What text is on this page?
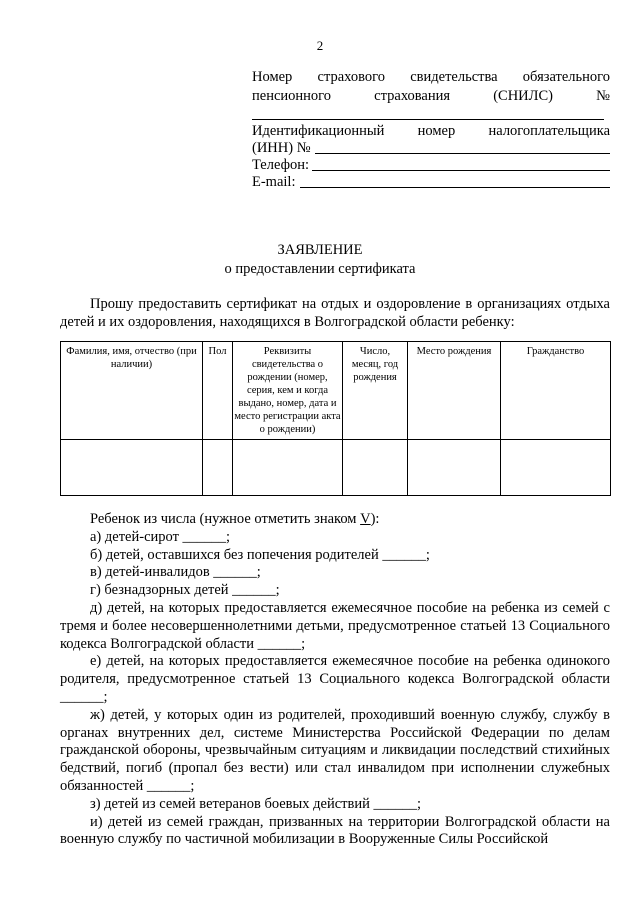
2
Номер страхового свидетельства обязательного
пенсионного страхования (СНИЛС) №
Идентификационный номер налогоплательщика
(ИНН) №
Телефон:
E-mail:
ЗАЯВЛЕНИЕ
о предоставлении сертификата
Прошу предоставить сертификат на отдых и оздоровление в организациях отдыха детей и их оздоровления, находящихся в Волгоградской области ребенку:
Фамилия, имя, отчество (при наличии)	Пол	Реквизиты свидетельства о рождении (номер, серия, кем и когда выдано, номер, дата и место регистрации акта о рождении)	Число, месяц, год рождения	Место рождения	Гражданство

Ребенок из числа (нужное отметить знаком V):

а) детей-сирот ______;

б) детей, оставшихся без попечения родителей ______;

в) детей-инвалидов ______;

г) безнадзорных детей ______;

д) детей, на которых предоставляется ежемесячное пособие на ребенка из семей с тремя и более несовершеннолетними детьми, предусмотренное статьей 13 Социального кодекса Волгоградской области ______;

е) детей, на которых предоставляется ежемесячное пособие на ребенка одинокого родителя, предусмотренное статьей 13 Социального кодекса Волгоградской области ______;

ж) детей, у которых один из родителей, проходивший военную службу, службу в органах внутренних дел, системе Министерства Российской Федерации по делам гражданской обороны, чрезвычайным ситуациям и ликвидации последствий стихийных бедствий, погиб (пропал без вести) или стал инвалидом при исполнении служебных обязанностей ______;

з) детей из семей ветеранов боевых действий ______;

и) детей из семей граждан, призванных на территории Волгоградской области на военную службу по частичной мобилизации в Вооруженные Силы Российской
